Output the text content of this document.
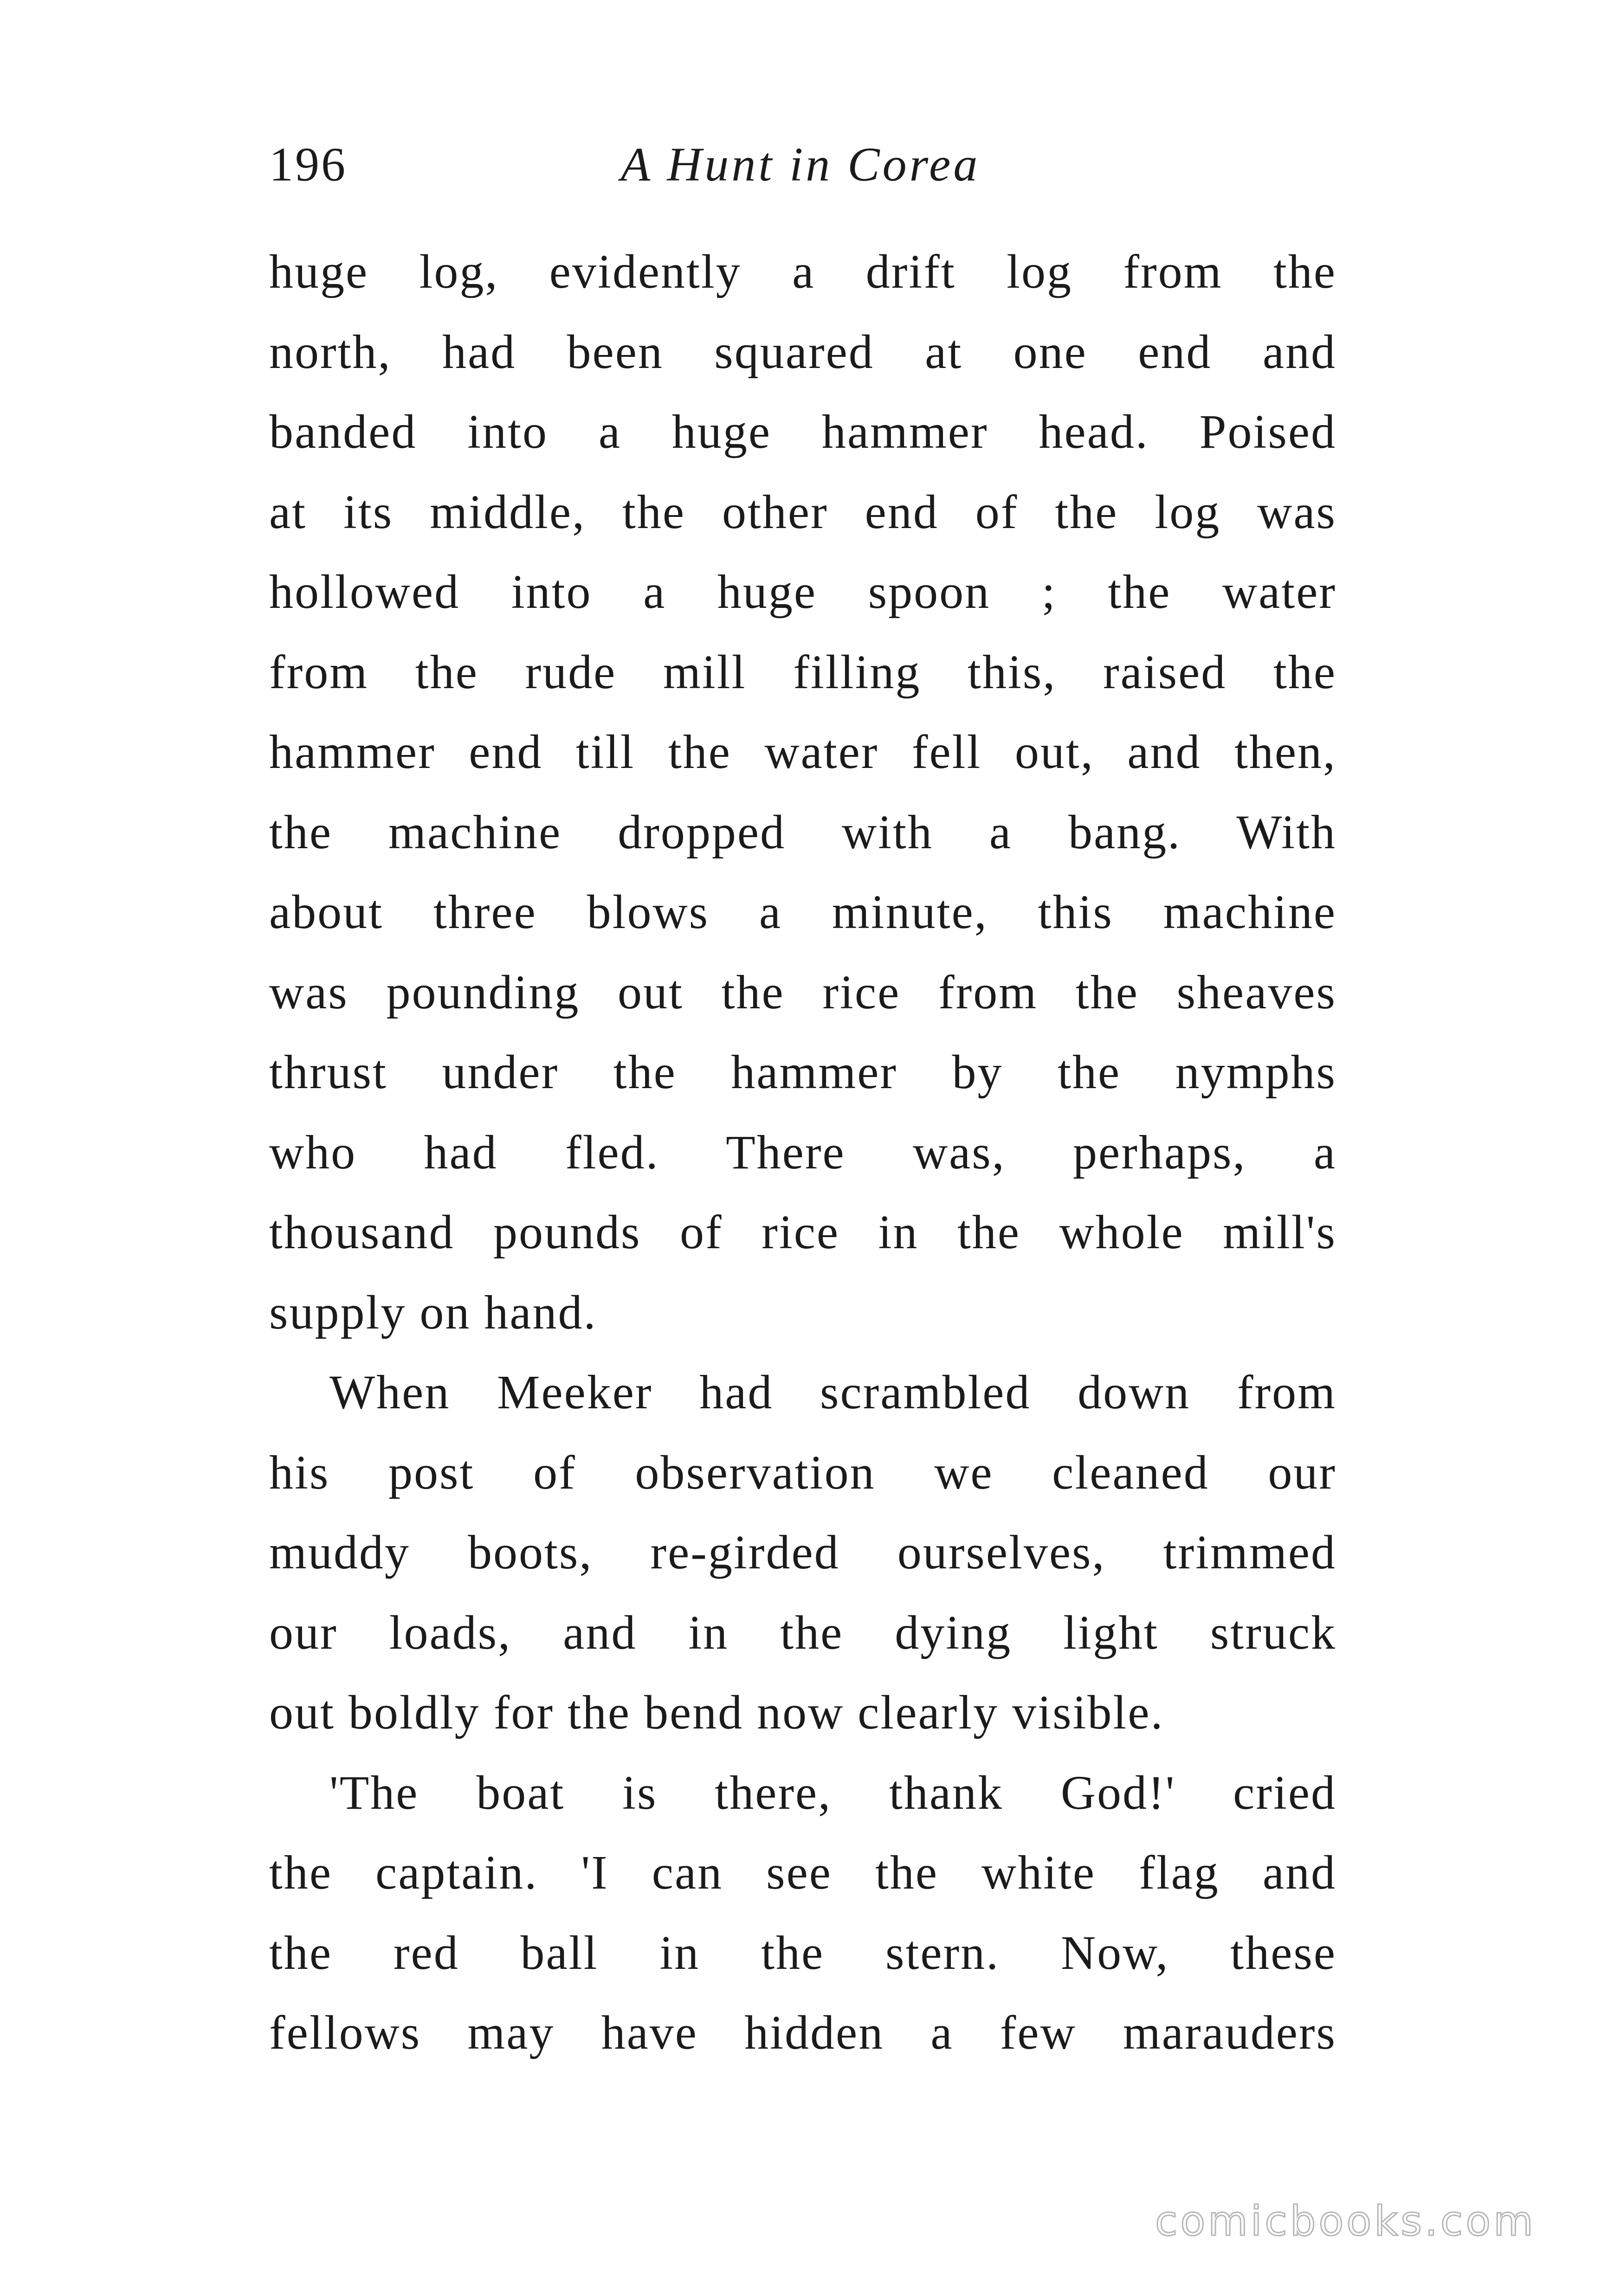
196	A Hunt in Corea
huge log, evidently a drift log from the
north, had been squared at one end and
banded into a huge hammer head. Poised
at its middle, the other end of the log was
hollowed into a huge spoon ; the water
from the rude mill filling this, raised the
hammer end till the water fell out, and then,
the machine dropped with a bang. With
about three blows a minute, this machine
was pounding out the rice from the sheaves
thrust under the hammer by the nymphs
who had fled. There was, perhaps, a
thousand pounds of rice in the whole mill's
supply on hand.
When Meeker had scrambled down from
his post of observation we cleaned our
muddy boots, re-girded ourselves, trimmed
our loads, and in the dying light struck
out boldly for the bend now clearly visible.
'The boat is there, thank God!' cried
the captain. 'I can see the white flag and
the red ball in the stern. Now, these
fellows may have hidden a few marauders
comicbooks.com
